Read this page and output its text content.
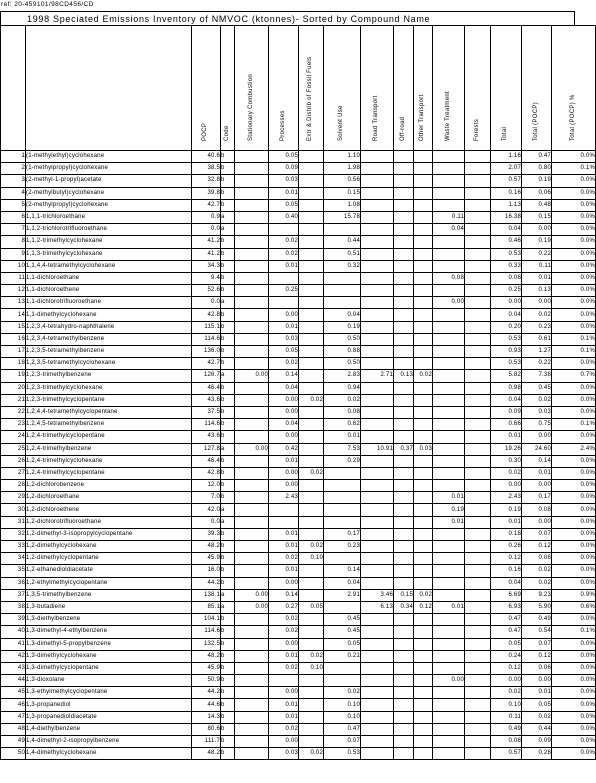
ref: 20-459101/98CD456/CD
1998 Speciated Emissions Inventory of NMVOC (ktonnes)- Sorted by Compound Name

		POCP	Code	Stationary Combustion	Processes	Extr & Distrib of Fossil Fuels	Solvent Use	Road Transport	Off-road	Other Transport	Waste Treatment	Forests	Total	Total (POCP)	Total (POCP) %

1	(1-methylethyl)cyclohexane	40.6	b		0.05		1.10						1.16	0.47	0.0%
2	(1-methylpropyl)cyclohexane	38.5	b		0.09		1.98						2.07	0.80	0.1%
3	(2-methyl-1-propyl)acetate	32.8	b		0.03		0.56						0.57	0.19	0.0%
4	(2-methylbutyl)cyclohexane	39.8	b		0.01		0.15						0.16	0.06	0.0%
5	(2-methylpropyl)cyclohexane	42.7	b		0.05		1.08						1.13	0.48	0.0%
6	1,1,1-trichloroethane	0.9	a		0.40		15.78				0.11		16.38	0.15	0.0%
7	1,1,2-trichlorotrifluoroethane	0.0	a								0.04		0.04	0.00	0.0%
8	1,1,2-trimethylcyclohexane	41.2	b		0.02		0.44						0.46	0.19	0.0%
9	1,1,3-trimethylcyclohexane	41.2	b		0.02		0.51						0.53	0.22	0.0%
10	1,1,4,4-tetramethylcyclohexane	34.3	b		0.01		0.32						0.33	0.11	0.0%
11	1,1-dichloroethane	9.4	b								0.08		0.08	0.01	0.0%
12	1,1-dichloroethene	52.6	b		0.25								0.25	0.13	0.0%
13	1,1-dichlorotrifluoroethane	0.0	a								0.00		0.00	0.00	0.0%
14	1,1-dimethylcyclohexane	42.8	b		0.00		0.04						0.04	0.02	0.0%
15	1,2,3,4-tetrahydro-naphthalene	115.1	b		0.01		0.19						0.20	0.23	0.0%
16	1,2,3,4-tetramethylbenzene	114.6	b		0.03		0.50						0.53	0.61	0.1%
17	1,2,3,5-tetramethylbenzene	136.0	b		0.05		0.88						0.93	1.27	0.1%
18	1,2,3,5-tetramethylcyclohexane	42.7	b		0.02		0.50						0.53	0.22	0.0%
19	1,2,3-trimethylbenzene	126.7	a	0.00	0.14		2.83	2.71	0.13	0.02			5.82	7.38	0.7%
20	1,2,3-trimethylcyclohexane	46.4	b		0.04		0.94						0.98	0.45	0.0%
21	1,2,3-trimethylcyclopentane	43.6	b		0.00	0.02	0.02						0.04	0.02	0.0%
22	1,2,4,4-tetramethylcyclopentane	37.5	b		0.00		0.08						0.09	0.03	0.0%
23	1,2,4,5-tetramethylbenzene	114.6	b		0.04		0.62						0.66	0.75	0.1%
24	1,2,4-trimethylcyclopentane	43.6	b		0.00		0.01						0.01	0.00	0.0%
25	1,2,4-trimethylbenzene	127.8	a	0.00	0.42		7.53	10.91	0.37	0.03			19.26	24.60	2.4%
26	1,2,4-trimethylcyclohexane	46.4	b		0.01		0.29						0.30	0.14	0.0%
27	1,2,4-trimethylcyclopentane	42.8	b		0.00	0.02							0.02	0.01	0.0%
28	1,2-dichlorobenzene	12.0	b		0.00								0.00	0.00	0.0%
29	1,2-dichloroethane	7.0	b		2.43						0.01		2.43	0.17	0.0%
30	1,2-dichloroethene	42.0	a								0.19		0.19	0.08	0.0%
31	1,2-dichlorotrifluoroethane	0.0	a								0.01		0.01	0.00	0.0%
32	1,2-dimethyl-3-isopropylcyclopentane	39.3	b		0.01		0.17						0.18	0.07	0.0%
33	1,2-dimethylcyclohexane	48.2	b		0.01	0.02	0.23						0.26	0.12	0.0%
34	1,2-dimethylcyclopentane	45.9	b		0.02	0.10							0.12	0.06	0.0%
35	1,2-ethanedioldiacetate	16.0	b		0.01		0.14						0.16	0.02	0.0%
36	1,2-ethylmethylcyclopentane	44.2	b		0.00		0.04						0.04	0.02	0.0%
37	1,3,5-trimethylbenzene	138.1	a	0.00	0.14		2.91	3.46	0.15	0.02			6.69	9.23	0.9%
38	1,3-butadiene	85.1	a	0.00	0.27	0.05		6.13	0.34	0.12	0.01		6.93	5.90	0.6%
39	1,3-diethylbenzene	104.1	b		0.02		0.45						0.47	0.49	0.0%
40	1,3-dimethyl-4-ethylbenzene	114.6	b		0.02		0.45						0.47	0.54	0.1%
41	1,3-dimethyl-5-propylbenzene	132.5	b		0.00		0.05						0.05	0.07	0.0%
42	1,3-dimethylcyclohexane	48.2	b		0.01	0.02	0.21						0.24	0.12	0.0%
43	1,3-dimethylcyclopentane	45.9	b		0.02	0.10							0.12	0.06	0.0%
44	1,3-dioxolane	50.9	b								0.00		0.00	0.00	0.0%
45	1,3-ethylmethylcyclopentane	44.2	b		0.00		0.02						0.02	0.01	0.0%
46	1,3-propanediol	44.6	b		0.01		0.10						0.10	0.05	0.0%
47	1,3-propanedioldiacetate	14.3	b		0.01		0.10						0.11	0.02	0.0%
48	1,4-diethylbenzene	80.6	b		0.02		0.47						0.49	0.44	0.0%
49	1,4-dimethyl-2-isopropylbenzene	111.7	b		0.00		0.07						0.08	0.09	0.0%
50	1,4-dimethylcyclohexane	48.2	b		0.03	0.02	0.53						0.57	0.28	0.0%
